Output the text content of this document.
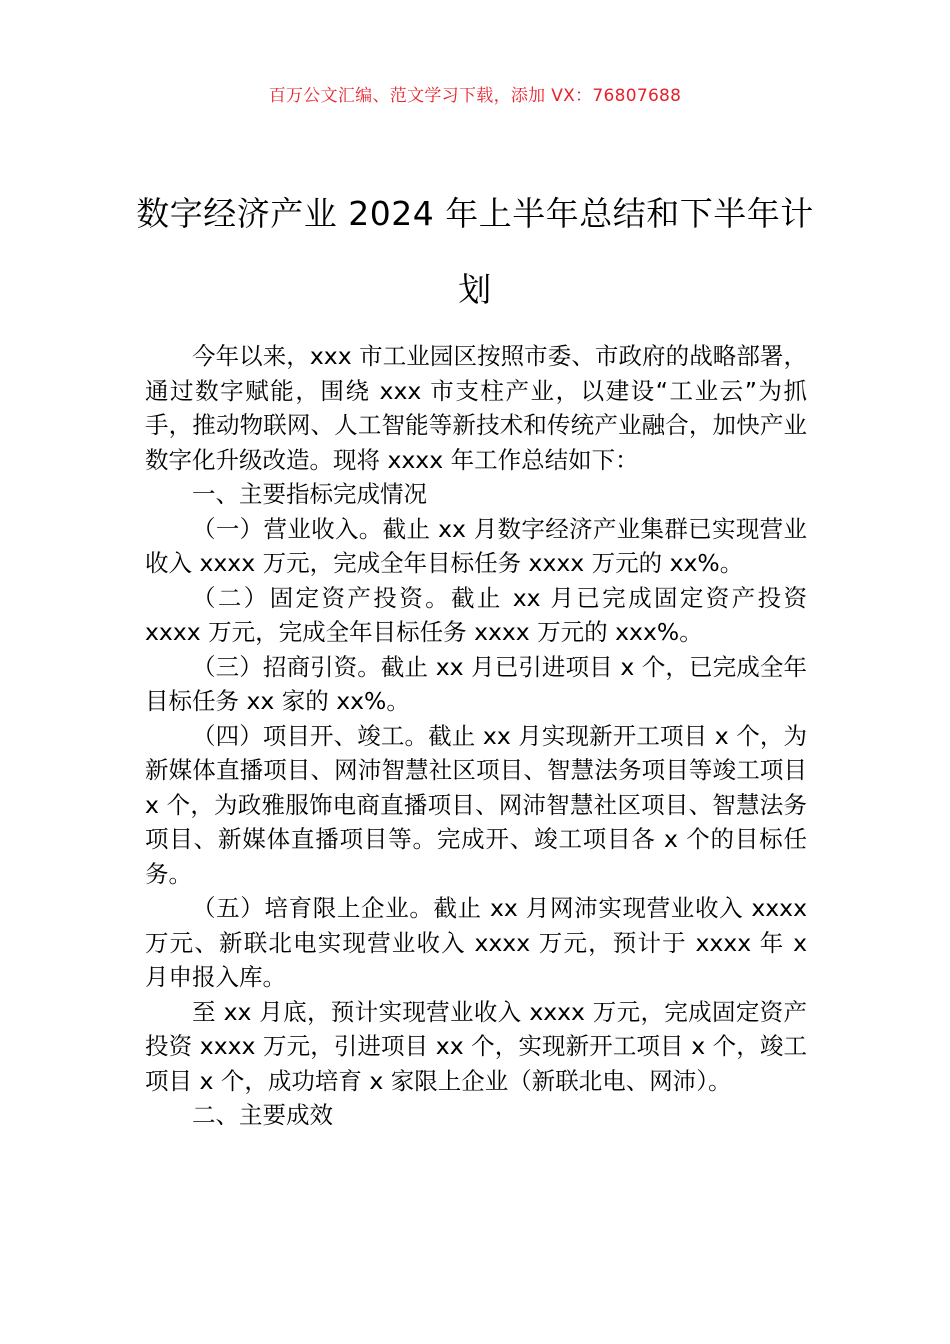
百万公文汇编、范文学习下载，添加 VX：76807688
数字经济产业 2024 年上半年总结和下半年计划

今年以来，xxx 市工业园区按照市委、市政府的战略部署，通过数字赋能，围绕 xxx 市支柱产业，以建设“工业云”为抓手，推动物联网、人工智能等新技术和传统产业融合，加快产业数字化升级改造。现将 xxxx 年工作总结如下：

一、主要指标完成情况

（一）营业收入。截止 xx 月数字经济产业集群已实现营业收入 xxxx 万元，完成全年目标任务 xxxx 万元的 xx%。

（二）固定资产投资。截止 xx 月已完成固定资产投资 xxxx 万元，完成全年目标任务 xxxx 万元的 xxx%。

（三）招商引资。截止 xx 月已引进项目 x 个，已完成全年目标任务 xx 家的 xx%。

（四）项目开、竣工。截止 xx 月实现新开工项目 x 个，为新媒体直播项目、网沛智慧社区项目、智慧法务项目等竣工项目 x 个，为政雅服饰电商直播项目、网沛智慧社区项目、智慧法务项目、新媒体直播项目等。完成开、竣工项目各 x 个的目标任务。

（五）培育限上企业。截止 xx 月网沛实现营业收入 xxxx 万元、新联北电实现营业收入 xxxx 万元，预计于 xxxx 年 x 月申报入库。

至 xx 月底，预计实现营业收入 xxxx 万元，完成固定资产投资 xxxx 万元，引进项目 xx 个，实现新开工项目 x 个，竣工项目 x 个，成功培育 x 家限上企业（新联北电、网沛）。

二、主要成效
